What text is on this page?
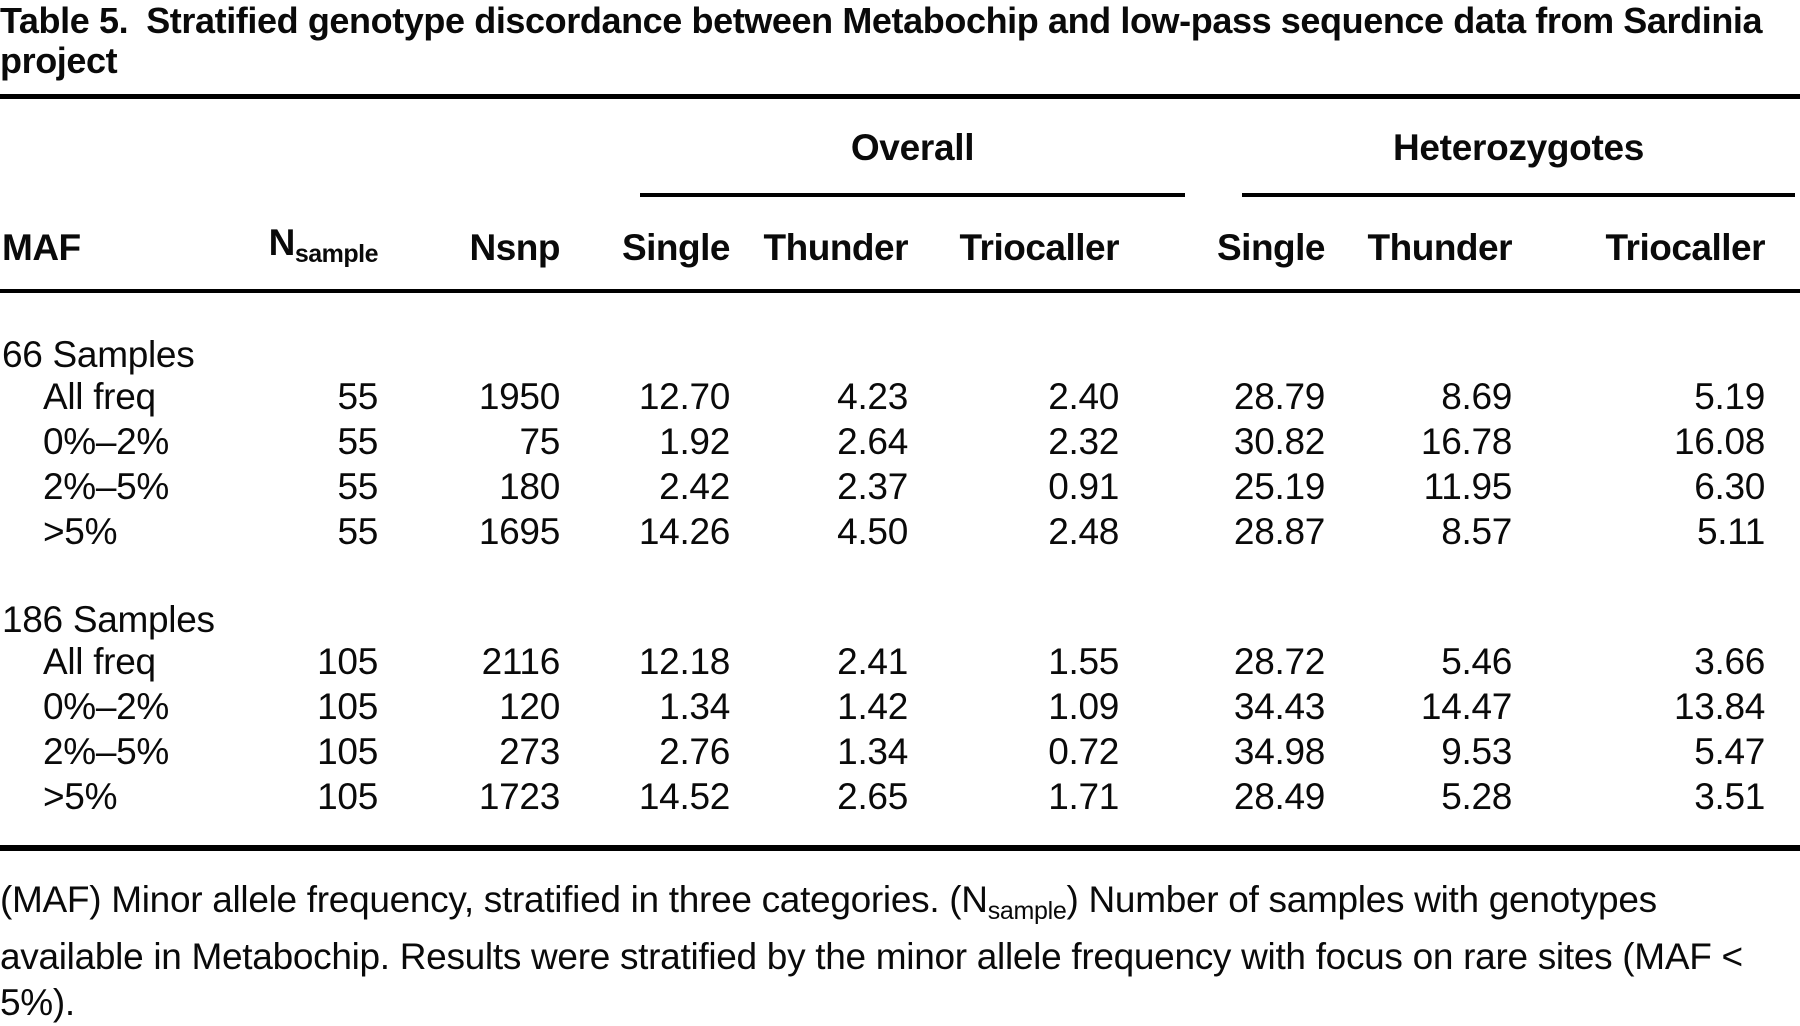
Table 5. Stratified genotype discordance between Metabochip and low-pass sequence data from Sardinia project

			Overall			Heterozygotes		

MAF	$N_{sample}$	Nsnp	Single	Thunder	Triocaller	Single	Thunder	Triocaller
66 Samples								
All freq	55	1950	12.70	4.23	2.40	28.79	8.69	5.19
0%–2%	55	75	1.92	2.64	2.32	30.82	16.78	16.08
2%–5%	55	180	2.42	2.37	0.91	25.19	11.95	6.30
>5%	55	1695	14.26	4.50	2.48	28.87	8.57	5.11
186 Samples								
All freq	105	2116	12.18	2.41	1.55	28.72	5.46	3.66
0%–2%	105	120	1.34	1.42	1.09	34.43	14.47	13.84
2%–5%	105	273	2.76	1.34	0.72	34.98	9.53	5.47
>5%	105	1723	14.52	2.65	1.71	28.49	5.28	3.51
(MAF) Minor allele frequency, stratified in three categories. $(N_{sample})$ Number of samples with genotypes available in Metabochip. Results were stratified by the minor allele frequency with focus on rare sites (MAF < 5%).
